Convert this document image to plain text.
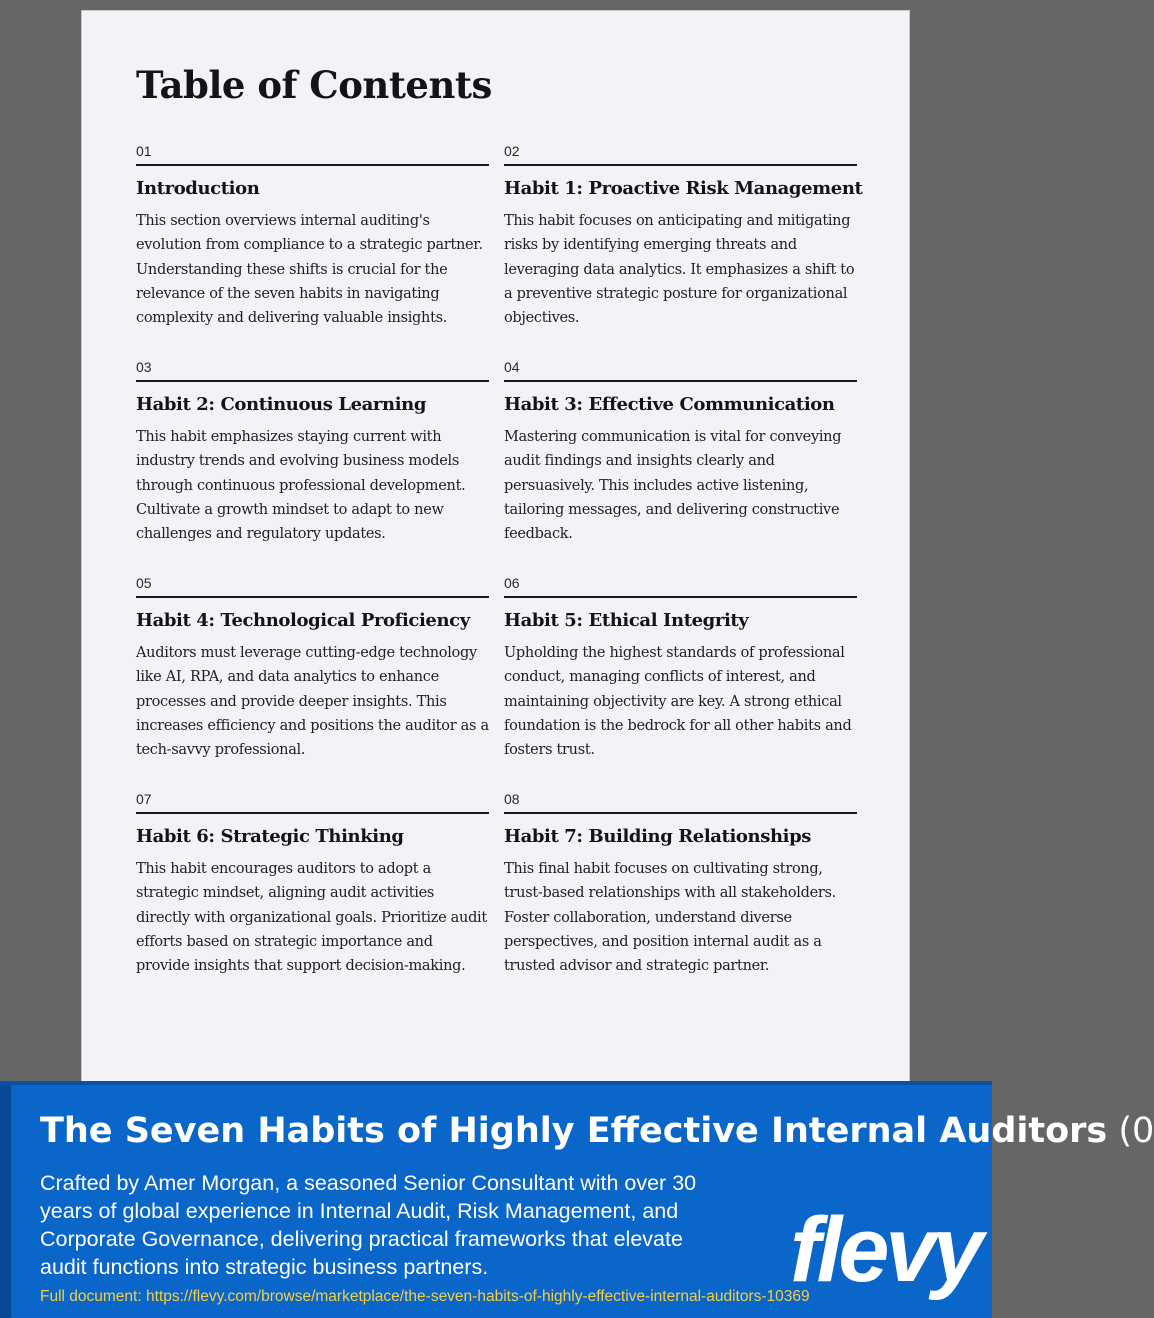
Table of Contents
01
Introduction

This section overviews internal auditing's evolution from compliance to a strategic partner. Understanding these shifts is crucial for the relevance of the seven habits in navigating complexity and delivering valuable insights.

02
Habit 1: Proactive Risk Management

This habit focuses on anticipating and mitigating risks by identifying emerging threats and leveraging data analytics. It emphasizes a shift to a preventive strategic posture for organizational objectives.

03
Habit 2: Continuous Learning

This habit emphasizes staying current with industry trends and evolving business models through continuous professional development. Cultivate a growth mindset to adapt to new challenges and regulatory updates.

04
Habit 3: Effective Communication

Mastering communication is vital for conveying audit findings and insights clearly and persuasively. This includes active listening, tailoring messages, and delivering constructive feedback.

05
Habit 4: Technological Proficiency

Auditors must leverage cutting-edge technology like AI, RPA, and data analytics to enhance processes and provide deeper insights. This increases efficiency and positions the auditor as a tech-savvy professional.

06
Habit 5: Ethical Integrity

Upholding the highest standards of professional conduct, managing conflicts of interest, and maintaining objectivity are key. A strong ethical foundation is the bedrock for all other habits and fosters trust.

07
Habit 6: Strategic Thinking

This habit encourages auditors to adopt a strategic mindset, aligning audit activities directly with organizational goals. Prioritize audit efforts based on strategic importance and provide insights that support decision-making.

08
Habit 7: Building Relationships

This final habit focuses on cultivating strong, trust-based relationships with all stakeholders. Foster collaboration, understand diverse perspectives, and position internal audit as a trusted advisor and strategic partner.

The Seven Habits of Highly Effective Internal Auditors (0

Crafted by Amer Morgan, a seasoned Senior Consultant with over 30 years of global experience in Internal Audit, Risk Management, and Corporate Governance, delivering practical frameworks that elevate audit functions into strategic business partners.

Full document: https://flevy.com/browse/marketplace/the-seven-habits-of-highly-effective-internal-auditors-10369
flevy
